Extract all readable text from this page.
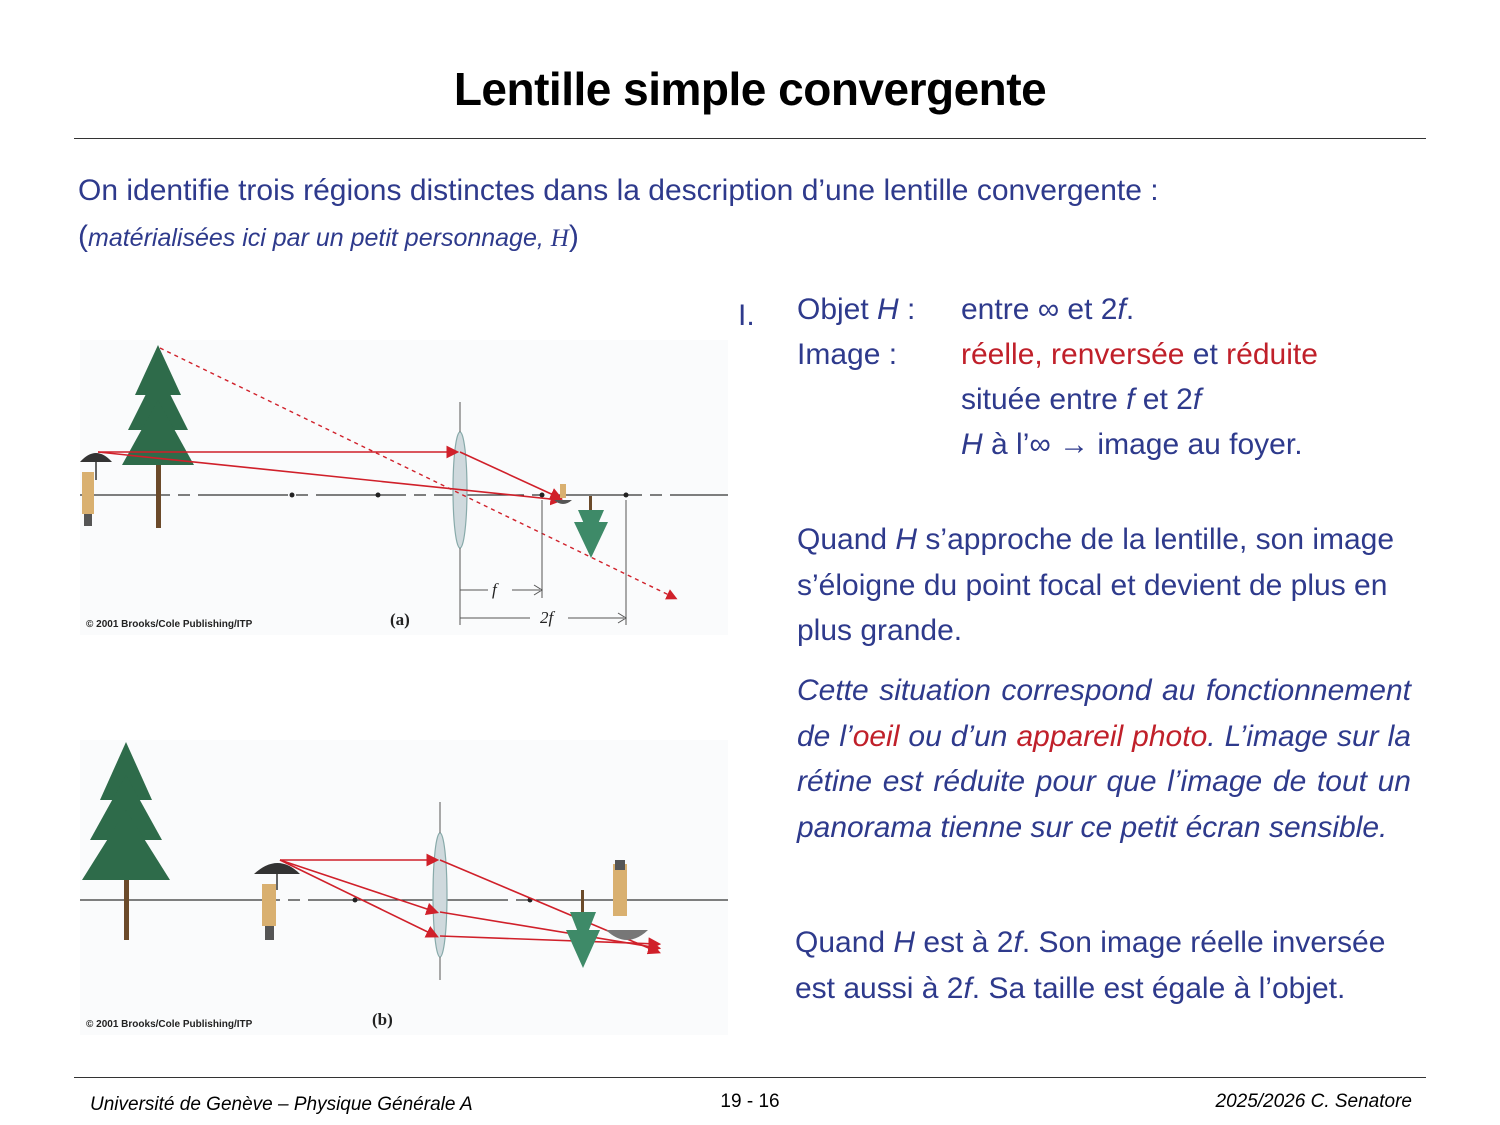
Lentille simple convergente
On identifie trois régions distinctes dans la description d’une lentille convergente :
(matérialisées ici par un petit personnage, H)
f
2f
© 2001 Brooks/Cole Publishing/ITP	(a)
© 2001 Brooks/Cole Publishing/ITP	(b)
I. Objet H : entre ∞ et 2f.
Image : réelle, renversée et réduite
située entre f et 2f
H à l’∞ → image au foyer.
Quand H s’approche de la lentille, son image s’éloigne du point focal et devient de plus en plus grande.
Cette situation correspond au fonctionnement de l’oeil ou d’un appareil photo. L’image sur la rétine est réduite pour que l’image de tout un panorama tienne sur ce petit écran sensible.
Quand H est à 2f. Son image réelle inversée est aussi à 2f. Sa taille est égale à l’objet.
Université de Genève – Physique Générale A	19 - 16	2025/2026 C. Senatore
